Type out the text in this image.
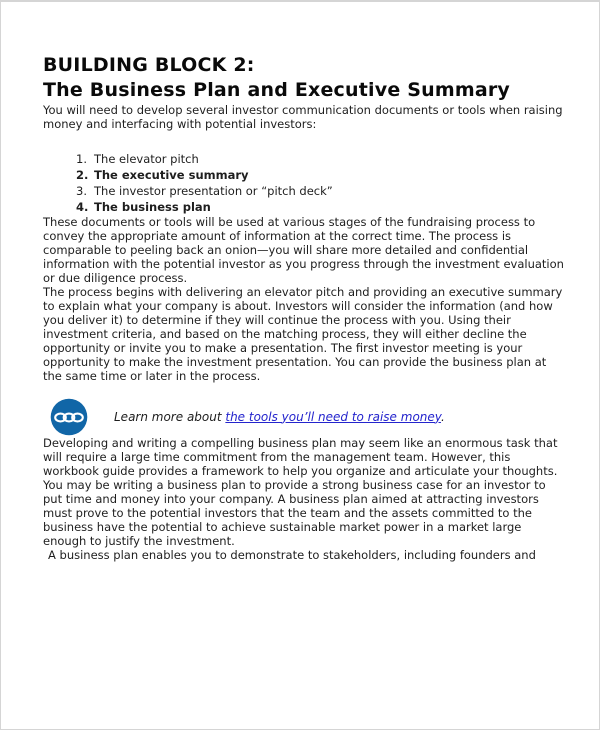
BUILDING BLOCK 2:
The Business Plan and Executive Summary

You will need to develop several investor communication documents or tools when raising money and interfacing with potential investors:

1. The elevator pitch
2. The executive summary
3. The investor presentation or “pitch deck”
4. The business plan

These documents or tools will be used at various stages of the fundraising process to convey the appropriate amount of information at the correct time. The process is comparable to peeling back an onion—you will share more detailed and confidential information with the potential investor as you progress through the investment evaluation or due diligence process.

The process begins with delivering an elevator pitch and providing an executive summary to explain what your company is about. Investors will consider the information (and how you deliver it) to determine if they will continue the process with you. Using their investment criteria, and based on the matching process, they will either decline the opportunity or invite you to make a presentation. The first investor meeting is your opportunity to make the investment presentation. You can provide the business plan at the same time or later in the process.

Learn more about the tools you’ll need to raise money.

Developing and writing a compelling business plan may seem like an enormous task that will require a large time commitment from the management team. However, this workbook guide provides a framework to help you organize and articulate your thoughts. You may be writing a business plan to provide a strong business case for an investor to put time and money into your company. A business plan aimed at attracting investors must prove to the potential investors that the team and the assets committed to the business have the potential to achieve sustainable market power in a market large enough to justify the investment.

A business plan enables you to demonstrate to stakeholders, including founders and
